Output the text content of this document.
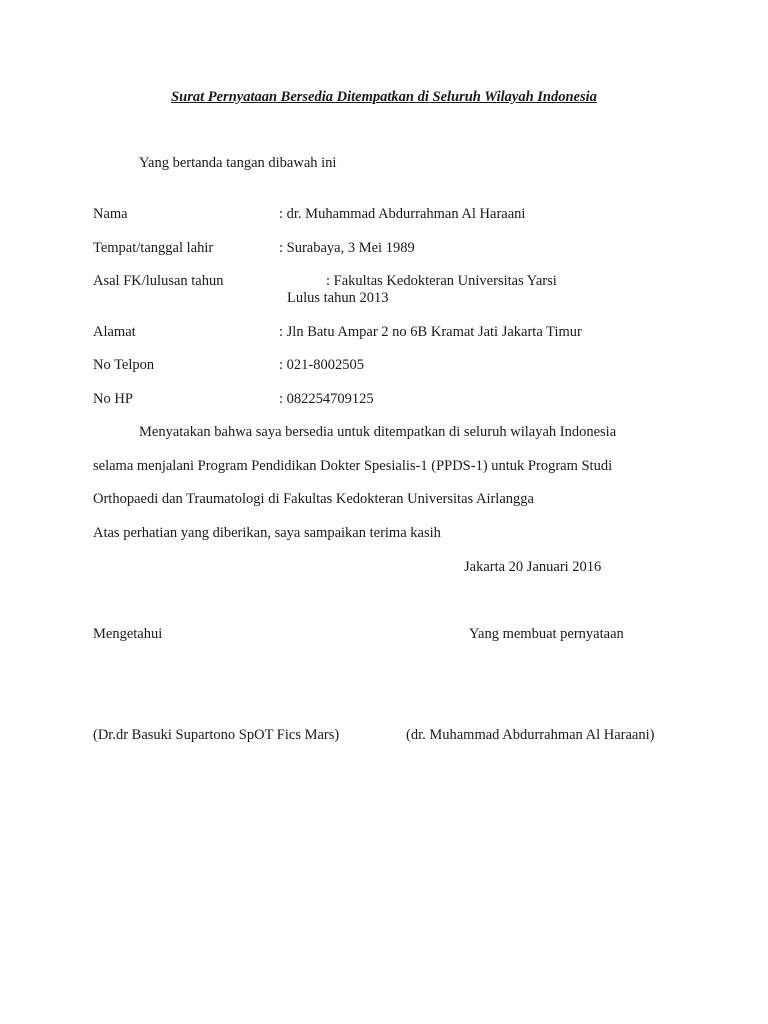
Surat Pernyataan Bersedia Ditempatkan di Seluruh Wilayah Indonesia
Yang bertanda tangan dibawah ini
Nama	: dr. Muhammad Abdurrahman Al Haraani
Tempat/tanggal lahir	: Surabaya, 3 Mei 1989
Asal FK/lulusan tahun	: Fakultas Kedokteran Universitas Yarsi
Lulus tahun 2013
Alamat	: Jln Batu Ampar 2 no 6B Kramat Jati Jakarta Timur
No Telpon	: 021-8002505
No HP	: 082254709125
Menyatakan bahwa saya bersedia untuk ditempatkan di seluruh wilayah Indonesia
selama menjalani Program Pendidikan Dokter Spesialis-1 (PPDS-1) untuk Program Studi
Orthopaedi dan Traumatologi di Fakultas Kedokteran Universitas Airlangga
Atas perhatian yang diberikan, saya sampaikan terima kasih
Jakarta 20 Januari 2016
Mengetahui	Yang membuat pernyataan
(Dr.dr Basuki Supartono SpOT Fics Mars)	(dr. Muhammad Abdurrahman Al Haraani)
